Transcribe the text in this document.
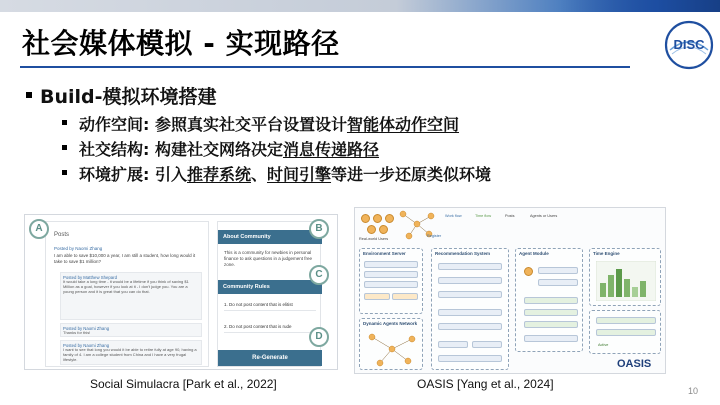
社会媒体模拟 - 实现路径	DISC
Build-模拟环境搭建
动作空间: 参照真实社交平台设置设计智能体动作空间
社交结构: 构建社交网络决定消息传递路径
环境扩展: 引入推荐系统、时间引擎等进一步还原类似环境
Posts
Posted by Naomi Zhang
I am able to save $10,000 a year, I am still a student, how long would it take to save $1 million?
Posted by Matthew Shepard
It would take a long time - it would be a lifetime if you think of saving $1 Million as a goal, however if you look at it - I don't judge you. You are a young person and it is great that you can do that.
Posted by Naomi Zhang
Thanks for this!
Posted by Naomi Zhang
I want to see that long you would it be able to retire fully at age 90, having a family of 4. I am a college student from China and I have a very frugal lifestyle.
About Community
This is a community for newbies in personal finance to ask questions in a judgement free zone.
Community Rules
1. Do not post content that is elitist
2. Do not post content that is rude
Re-Generate
A	B
C
D
Real-world Users
Work flow	Time flow	Posts	Agents or Users
Register
Environment Server
Dynamic Agents Network
Recommendation System	Agent Module	Time Engine
Active
OASIS
Social Simulacra [Park et al., 2022]	OASIS [Yang et al., 2024]	10
